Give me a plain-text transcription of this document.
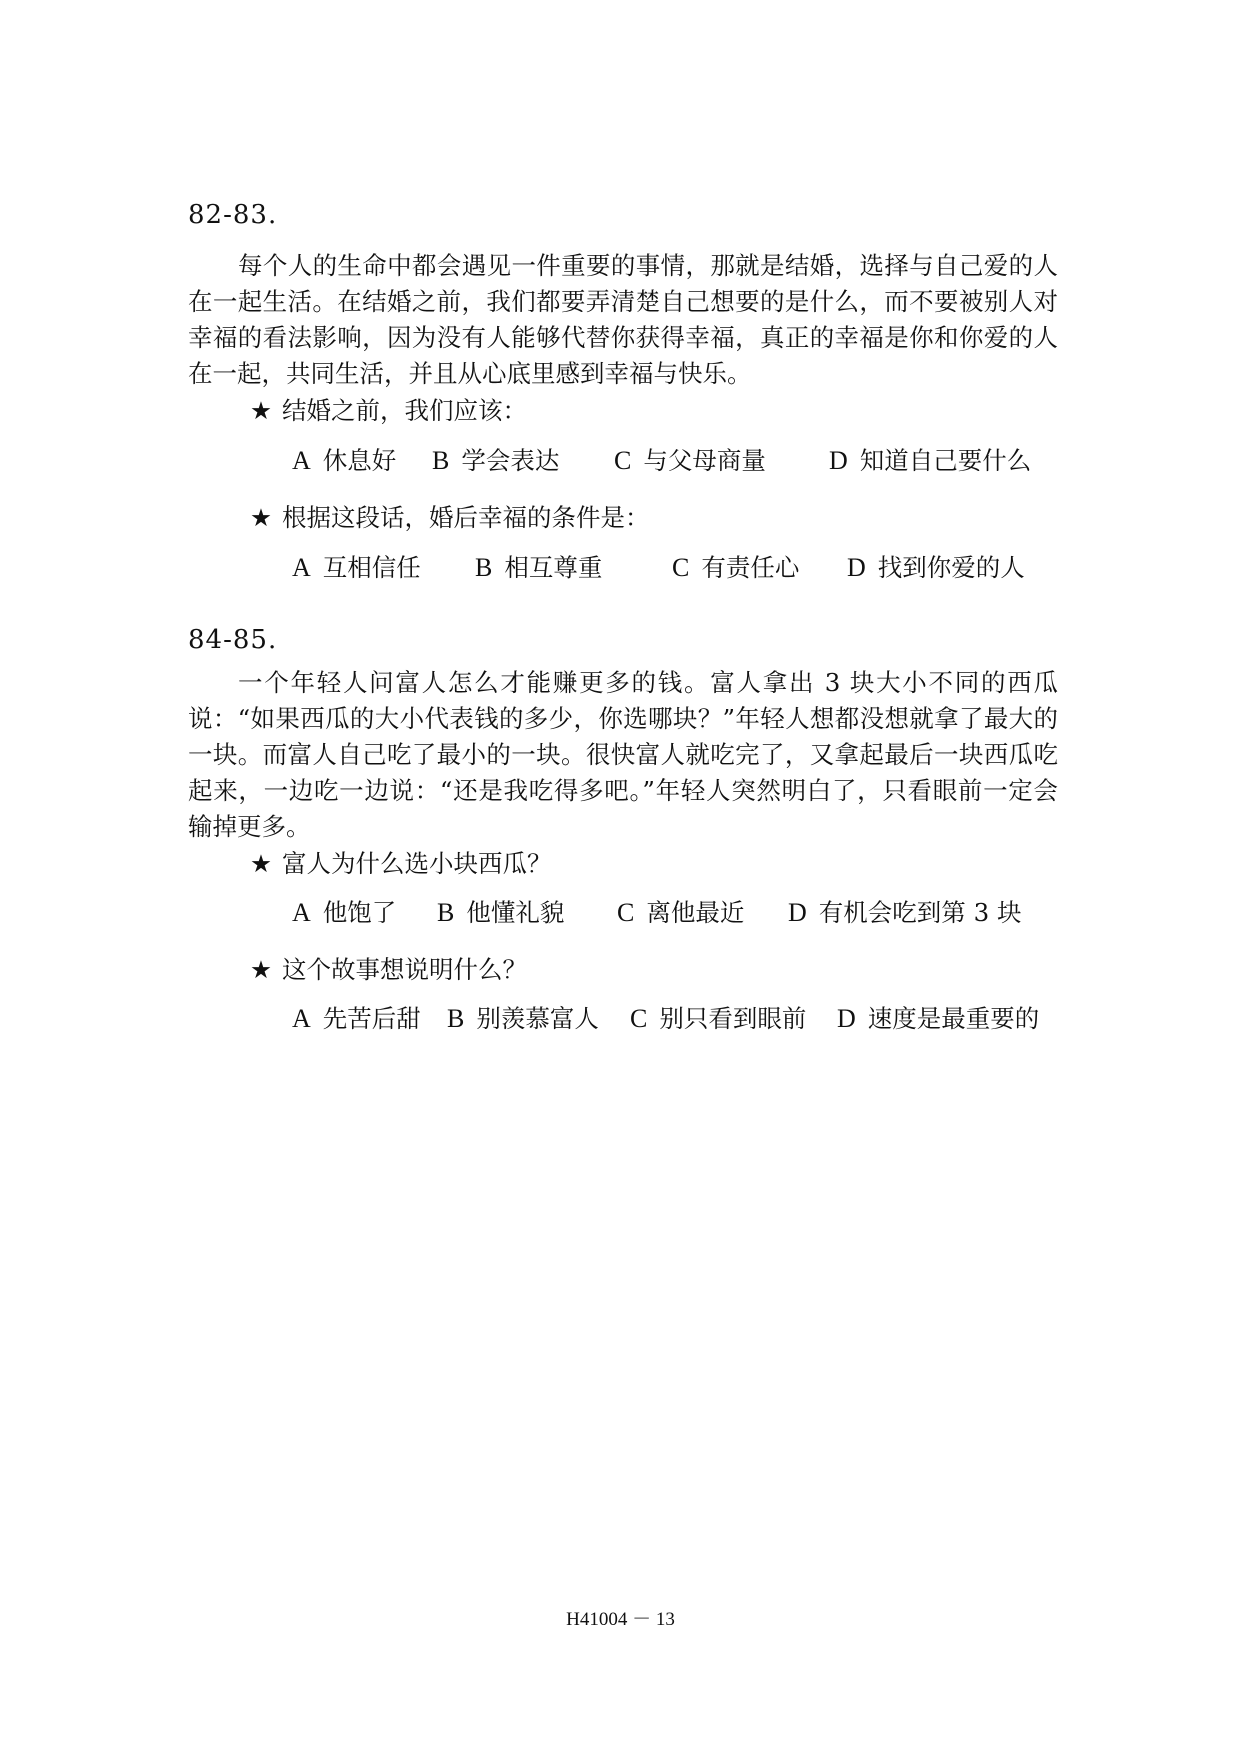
82-83.

每个人的生命中都会遇见一件重要的事情，那就是结婚，选择与自己爱的人在一起生活。在结婚之前，我们都要弄清楚自己想要的是什么，而不要被别人对幸福的看法影响，因为没有人能够代替你获得幸福，真正的幸福是你和你爱的人在一起，共同生活，并且从心底里感到幸福与快乐。

★ 结婚之前，我们应该：
A 休息好 B 学会表达 C 与父母商量 D 知道自己要什么
★ 根据这段话，婚后幸福的条件是：
A 互相信任 B 相互尊重	C 有责任心 D 找到你爱的人
84-85.

一个年轻人问富人怎么才能赚更多的钱。富人拿出 3 块大小不同的西瓜说：“如果西瓜的大小代表钱的多少，你选哪块？”年轻人想都没想就拿了最大的一块。而富人自己吃了最小的一块。很快富人就吃完了，又拿起最后一块西瓜吃起来，一边吃一边说：“还是我吃得多吧。”年轻人突然明白了，只看眼前一定会输掉更多。

★ 富人为什么选小块西瓜？
A 他饱了 B 他懂礼貌 C 离他最近 D 有机会吃到第 3 块
★ 这个故事想说明什么？
A 先苦后甜 B 别羡慕富人 C 别只看到眼前 D 速度是最重要的
H41004 － 13
